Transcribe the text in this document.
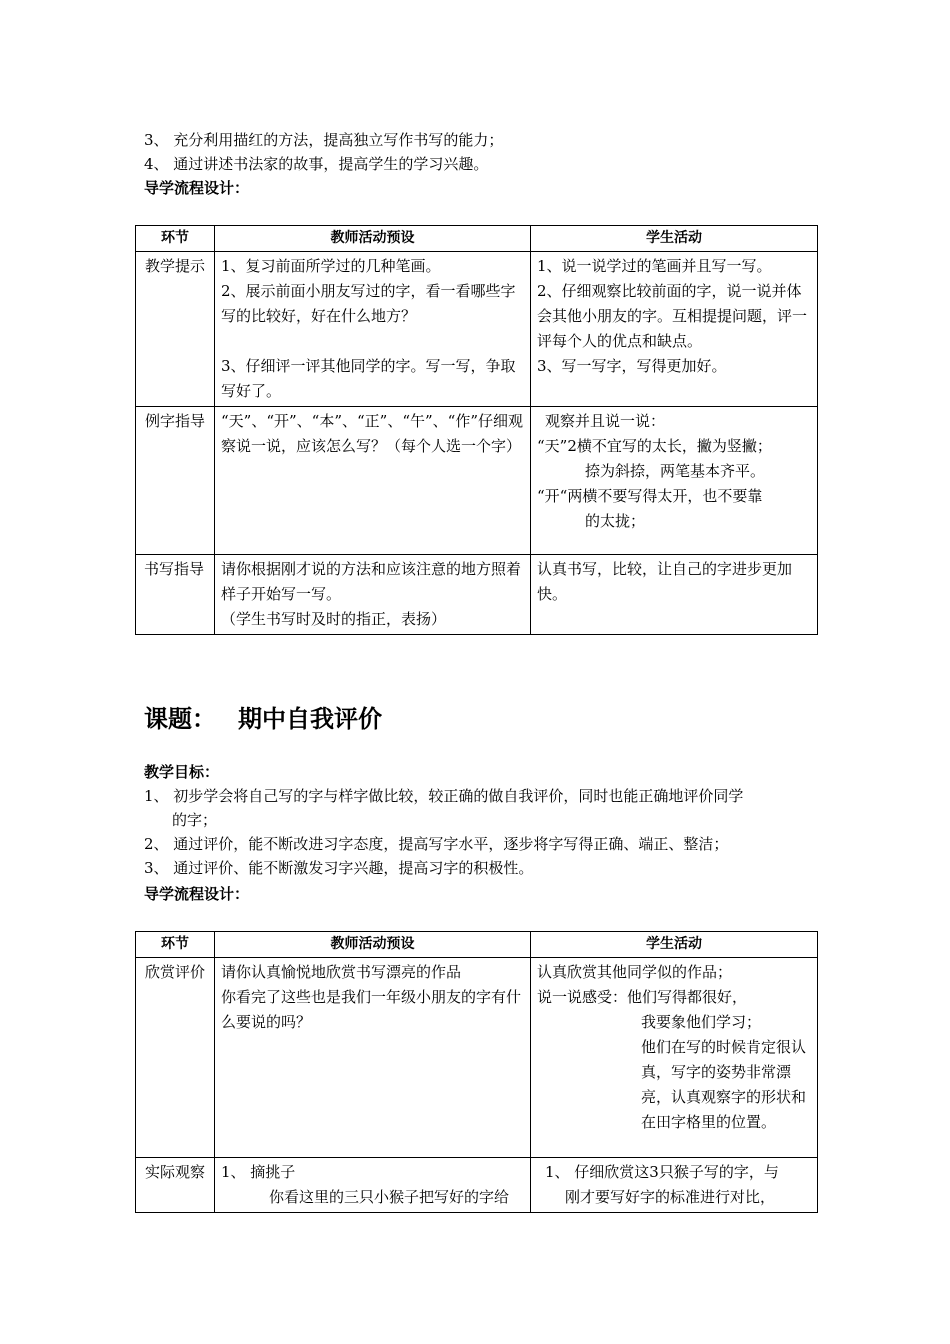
3、 充分利用描红的方法，提高独立写作书写的能力；
4、 通过讲述书法家的故事，提高学生的学习兴趣。
导学流程设计：
环节	教师活动预设	学生活动
教学提示	1、复习前面所学过的几种笔画。
2、展示前面小朋友写过的字，看一看哪些字写的比较好，好在什么地方？
3、仔细评一评其他同学的字。写一写，争取写好了。	1、说一说学过的笔画并且写一写。
2、仔细观察比较前面的字，说一说并体会其他小朋友的字。互相提提问题，评一评每个人的优点和缺点。
3、写一写字，写得更加好。

例字指导	“天”、“开”、“本”、“正”、“午”、“作”仔细观察说一说，应该怎么写？（每个人选一个字）	观察并且说一说：
“天”2横不宜写的太长，撇为竖撇；
捺为斜捺，两笔基本齐平。
“开“两横不要写得太开，也不要靠
的太拢；

书写指导	请你根据刚才说的方法和应该注意的地方照着样子开始写一写。
（学生书写时及时的指正，表扬）	认真书写，比较，让自己的字进步更加快。
课题： 期中自我评价
教学目标：
1、 初步学会将自己写的字与样字做比较，较正确的做自我评价，同时也能正确地评价同学
的字；
2、 通过评价，能不断改进习字态度，提高写字水平，逐步将字写得正确、端正、整洁；
3、 通过评价、能不断激发习字兴趣，提高习字的积极性。
导学流程设计：
环节	教师活动预设	学生活动
欣赏评价	请你认真愉悦地欣赏书写漂亮的作品
你看完了这些也是我们一年级小朋友的字有什么要说的吗？	认真欣赏其他同学似的作品；
说一说感受：他们写得都很好，
我要象他们学习；
他们在写的时候肯定很认真，写字的姿势非常漂亮，认真观察字的形状和在田字格里的位置。

实际观察	1、 摘挑子
你看这里的三只小猴子把写好的字给	1、 仔细欣赏这3只猴子写的字，与
刚才要写好字的标准进行对比，
